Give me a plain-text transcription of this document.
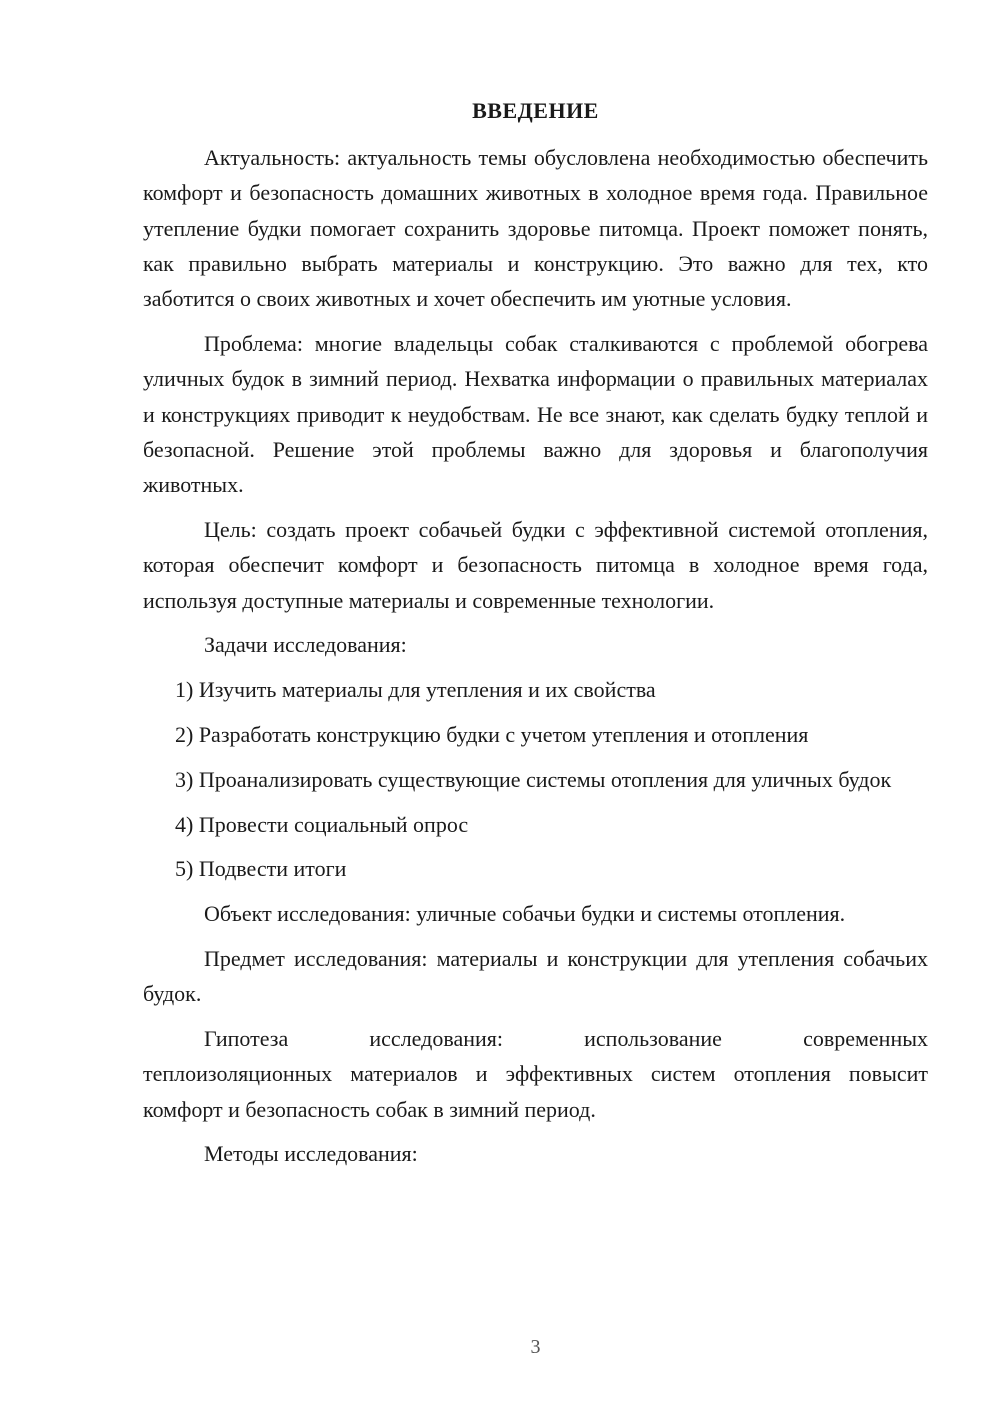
ВВЕДЕНИЕ

Актуальность: актуальность темы обусловлена необходимостью обеспечить комфорт и безопасность домашних животных в холодное время года. Правильное утепление будки помогает сохранить здоровье питомца. Проект поможет понять, как правильно выбрать материалы и конструкцию. Это важно для тех, кто заботится о своих животных и хочет обеспечить им уютные условия.

Проблема: многие владельцы собак сталкиваются с проблемой обогрева уличных будок в зимний период. Нехватка информации о правильных материалах и конструкциях приводит к неудобствам. Не все знают, как сделать будку теплой и безопасной. Решение этой проблемы важно для здоровья и благополучия животных.

Цель: создать проект собачьей будки с эффективной системой отопления, которая обеспечит комфорт и безопасность питомца в холодное время года, используя доступные материалы и современные технологии.

Задачи исследования:

1) Изучить материалы для утепления и их свойства

2) Разработать конструкцию будки с учетом утепления и отопления

3) Проанализировать существующие системы отопления для уличных будок

4) Провести социальный опрос

5) Подвести итоги

Объект исследования: уличные собачьи будки и системы отопления.

Предмет исследования: материалы и конструкции для утепления собачьих будок.

Гипотеза исследования: использование современных теплоизоляционных материалов и эффективных систем отопления повысит комфорт и безопасность собак в зимний период.

Методы исследования:

3
